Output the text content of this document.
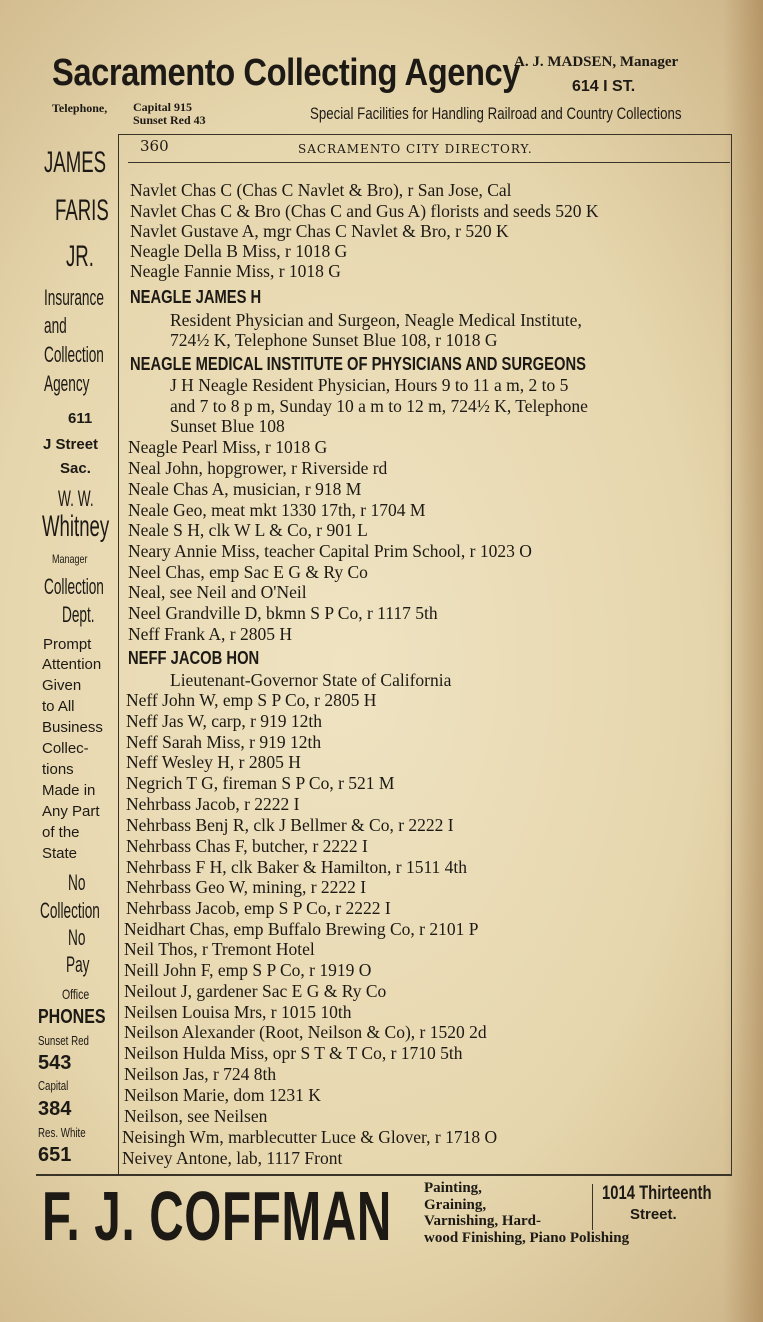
Sacramento Collecting Agency
A. J. MADSEN, Manager
614 I ST.
Telephone, Capital 915
Sunset Red 43	Special Facilities for Handling Railroad and Country Collections
360	SACRAMENTO CITY DIRECTORY.
JAMES
FARIS
JR.
Insurance
and
Collection
Agency
611
J Street
Sac.
W. W.
Whitney
Manager
Collection
Dept.
Prompt
Attention
Given
to All
Business
Collec-
tions
Made in
Any Part
of the
State
No
Collection
No
Pay
Office
PHONES
Sunset Red
543
Capital
384
Res. White
651
Navlet Chas C (Chas C Navlet & Bro), r San Jose, Cal
Navlet Chas C & Bro (Chas C and Gus A) florists and seeds 520 K
Navlet Gustave A, mgr Chas C Navlet & Bro, r 520 K
Neagle Della B Miss, r 1018 G
Neagle Fannie Miss, r 1018 G
NEAGLE JAMES H
Resident Physician and Surgeon, Neagle Medical Institute,
724½ K, Telephone Sunset Blue 108, r 1018 G
NEAGLE MEDICAL INSTITUTE OF PHYSICIANS AND SURGEONS
J H Neagle Resident Physician, Hours 9 to 11 a m, 2 to 5
and 7 to 8 p m, Sunday 10 a m to 12 m, 724½ K, Telephone
Sunset Blue 108
Neagle Pearl Miss, r 1018 G
Neal John, hopgrower, r Riverside rd
Neale Chas A, musician, r 918 M
Neale Geo, meat mkt 1330 17th, r 1704 M
Neale S H, clk W L & Co, r 901 L
Neary Annie Miss, teacher Capital Prim School, r 1023 O
Neel Chas, emp Sac E G & Ry Co
Neal, see Neil and O'Neil
Neel Grandville D, bkmn S P Co, r 1117 5th
Neff Frank A, r 2805 H
NEFF JACOB HON
Lieutenant-Governor State of California
Neff John W, emp S P Co, r 2805 H
Neff Jas W, carp, r 919 12th
Neff Sarah Miss, r 919 12th
Neff Wesley H, r 2805 H
Negrich T G, fireman S P Co, r 521 M
Nehrbass Jacob, r 2222 I
Nehrbass Benj R, clk J Bellmer & Co, r 2222 I
Nehrbass Chas F, butcher, r 2222 I
Nehrbass F H, clk Baker & Hamilton, r 1511 4th
Nehrbass Geo W, mining, r 2222 I
Nehrbass Jacob, emp S P Co, r 2222 I
Neidhart Chas, emp Buffalo Brewing Co, r 2101 P
Neil Thos, r Tremont Hotel
Neill John F, emp S P Co, r 1919 O
Neilout J, gardener Sac E G & Ry Co
Neilsen Louisa Mrs, r 1015 10th
Neilson Alexander (Root, Neilson & Co), r 1520 2d
Neilson Hulda Miss, opr S T & T Co, r 1710 5th
Neilson Jas, r 724 8th
Neilson Marie, dom 1231 K
Neilson, see Neilsen
Neisingh Wm, marblecutter Luce & Glover, r 1718 O
Neivey Antone, lab, 1117 Front
F. J. COFFMAN Painting,
Graining,
Varnishing, Hard-
wood Finishing, Piano Polishing
1014 Thirteenth
Street.
